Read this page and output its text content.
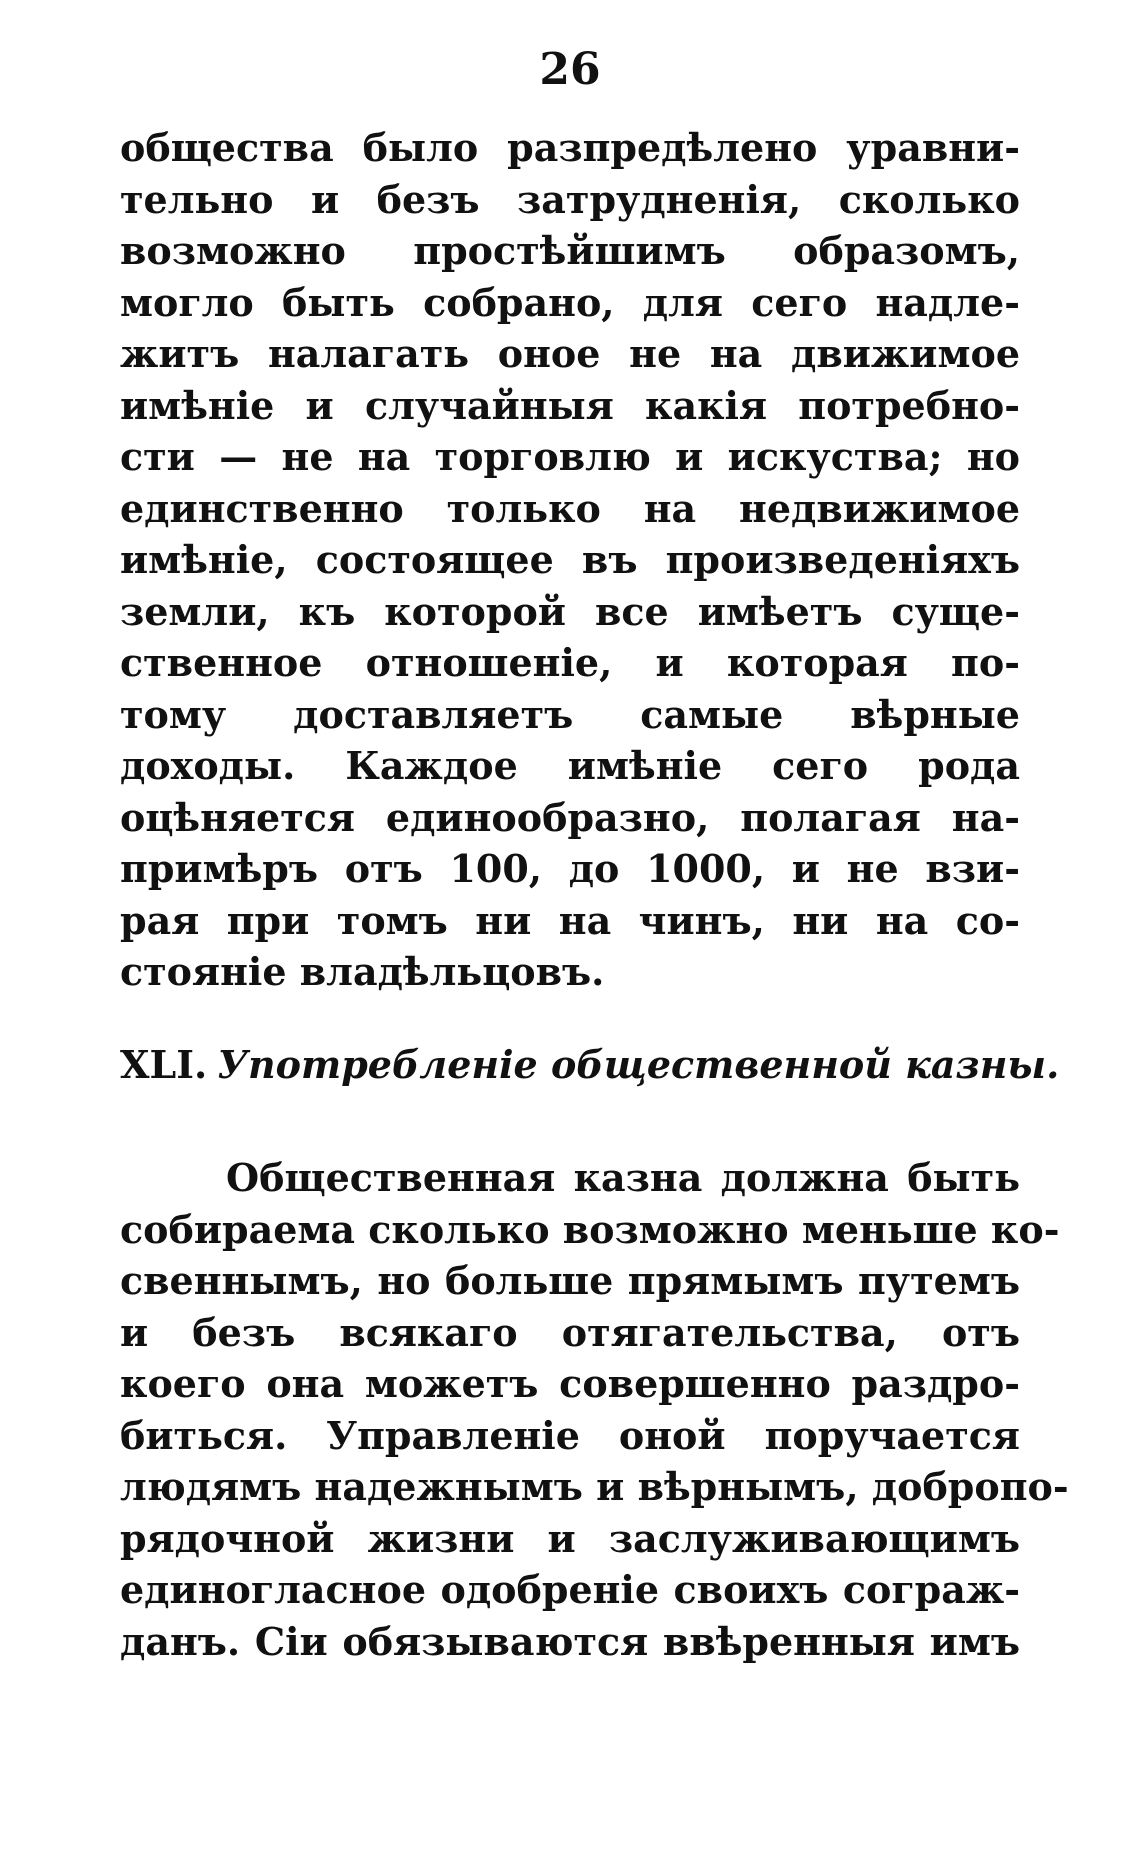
26
общества было разпредѣлено уравни-
тельно и безъ затрудненія, сколько
возможно простѣйшимъ образомъ,
могло быть собрано, для сего надле-
житъ налагать оное не на движимое
имѣніе и случайныя какія потребно-
сти — не на торговлю и искуства; но
единственно только на недвижимое
имѣніе, состоящее въ произведеніяхъ
земли, къ которой все имѣетъ суще-
ственное отношеніе, и которая по-
тому доставляетъ самые вѣрные
доходы. Каждое имѣніе сего рода
оцѣняется единообразно, полагая на-
примѣръ отъ 100, до 1000, и не взи-
рая при томъ ни на чинъ, ни на со-
стояніе владѣльцовъ.
XLI. Употребленіе общественной казны.
Общественная казна должна быть
собираема сколько возможно меньше ко-
свеннымъ, но больше прямымъ путемъ
и безъ всякаго отягательства, отъ
коего она можетъ совершенно раздро-
биться. Управленіе оной поручается
людямъ надежнымъ и вѣрнымъ, добропо-
рядочной жизни и заслуживающимъ
единогласное одобреніе своихъ сограж-
данъ. Сіи обязываются ввѣренныя имъ
